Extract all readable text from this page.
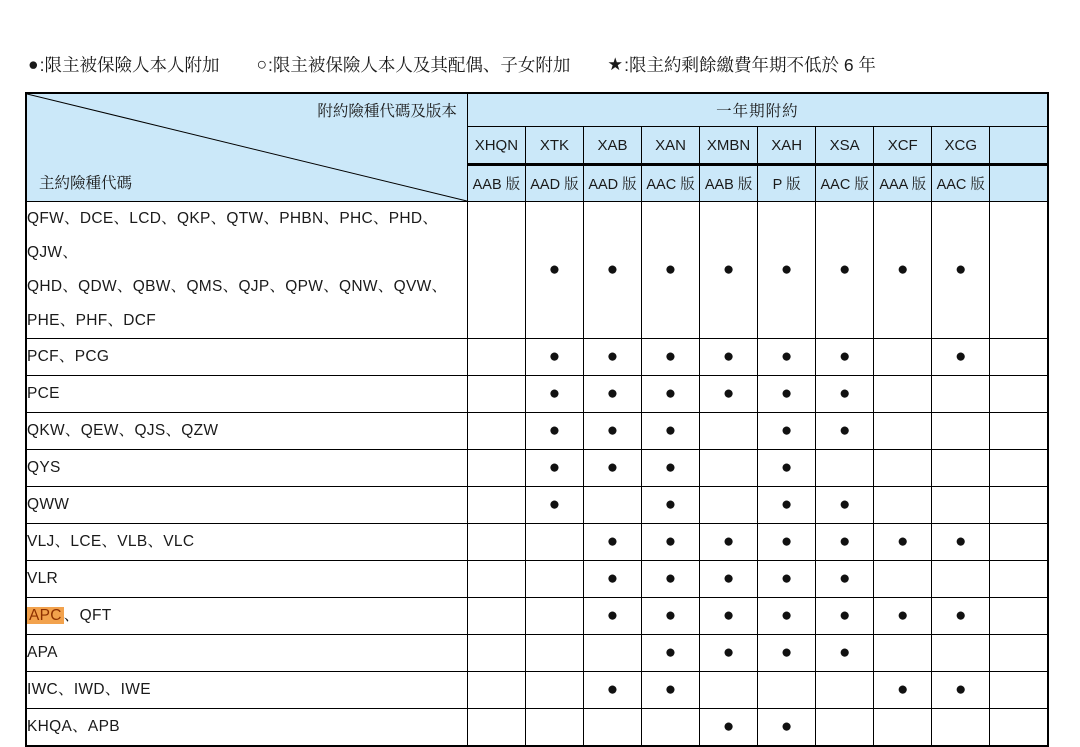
● :限主被保險人本人附加 ○ :限主被保險人本人及其配偶、子女附加 ★ :限主約剩餘繳費年期不低於 6 年
附約險種代碼及版本
主約險種代碼	一年期附約									
	XHQN	XTK	XAB	XAN	XMBN	XAH	XSA	XCF	XCG	
	AAB 版	AAD 版	AAD 版	AAC 版	AAB 版	P 版	AAC 版	AAA 版	AAC 版	
QFW、DCE、LCD、QKP、QTW、PHBN、PHC、PHD、QJW、
QHD、QDW、QBW、QMS、QJP、QPW、QNW、QVW、
PHE、PHF、DCF		●	●	●	●	●	●	●	●	
PCF、PCG		●	●	●	●	●	●		●	
PCE		●	●	●	●	●	●			
QKW、QEW、QJS、QZW		●	●	●		●	●			
QYS		●	●	●		●				
QWW		●		●		●	●			
VLJ、LCE、VLB、VLC			●	●	●	●	●	●	●	
VLR			●	●	●	●	●			
APC 、QFT			●	●	●	●	●	●	●	
APA				●	●	●	●			
IWC、IWD、IWE			●	●				●	●	
KHQA、APB					●	●				
